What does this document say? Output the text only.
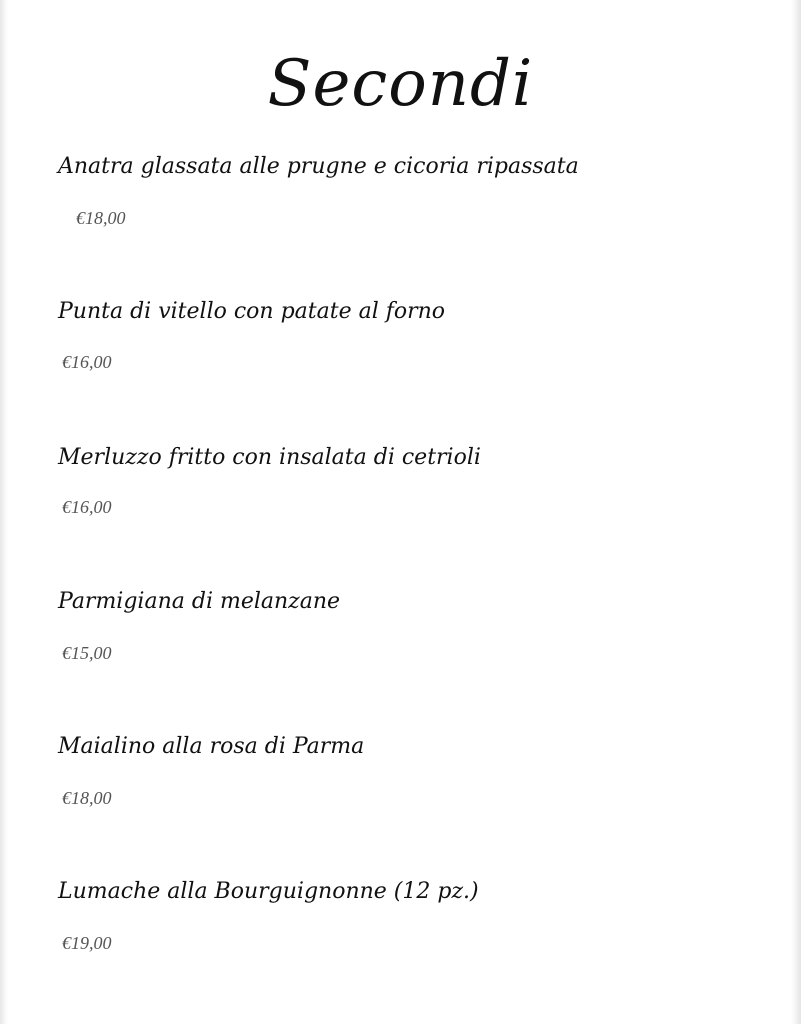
Secondi
Anatra glassata alle prugne e cicoria ripassata
€18,00
Punta di vitello con patate al forno
€16,00
Merluzzo fritto con insalata di cetrioli
€16,00
Parmigiana di melanzane
€15,00
Maialino alla rosa di Parma
€18,00
Lumache alla Bourguignonne (12 pz.)
€19,00
